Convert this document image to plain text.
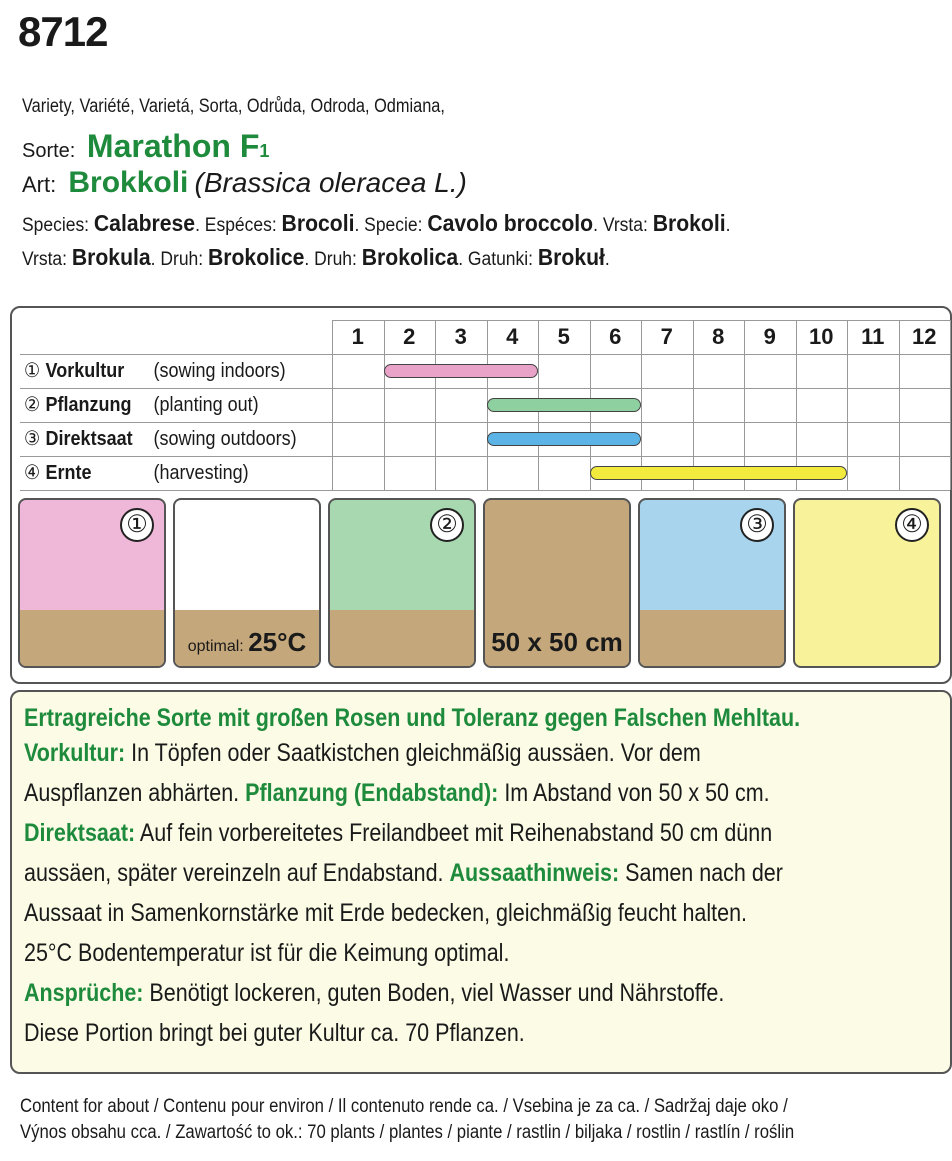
8712
Variety, Variété, Varietá, Sorta, Odrůda, Odroda, Odmiana,
Sorte: Marathon F1
Art: Brokkoli (Brassica oleracea L.)
Species: Calabrese. Espéces: Brocoli. Specie: Cavolo broccolo. Vrsta: Brokoli.
Vrsta: Brokula. Druh: Brokolice. Druh: Brokolica. Gatunki: Brokuł.
1	2	3	4	5	6	7	8	9	10	11	12
① Vorkultur (sowing indoors)
② Pflanzung (planting out)
③ Direktsaat (sowing outdoors)
④ Ernte	(harvesting)
①
optimal: 25°C
②
50 x 50 cm
③	④
Ertragreiche Sorte mit großen Rosen und Toleranz gegen Falschen Mehltau.
Vorkultur: In Töpfen oder Saatkistchen gleichmäßig aussäen. Vor dem
Auspflanzen abhärten. Pflanzung (Endabstand): Im Abstand von 50 x 50 cm.
Direktsaat: Auf fein vorbereitetes Freilandbeet mit Reihenabstand 50 cm dünn
aussäen, später vereinzeln auf Endabstand. Aussaathinweis: Samen nach der
Aussaat in Samenkornstärke mit Erde bedecken, gleichmäßig feucht halten.
25°C Bodentemperatur ist für die Keimung optimal.
Ansprüche: Benötigt lockeren, guten Boden, viel Wasser und Nährstoffe.
Diese Portion bringt bei guter Kultur ca. 70 Pflanzen.
Content for about / Contenu pour environ / Il contenuto rende ca. / Vsebina je za ca. / Sadržaj daje oko /
Výnos obsahu cca. / Zawartość to ok.: 70 plants / plantes / piante / rastlin / biljaka / rostlin / rastlín / roślin
